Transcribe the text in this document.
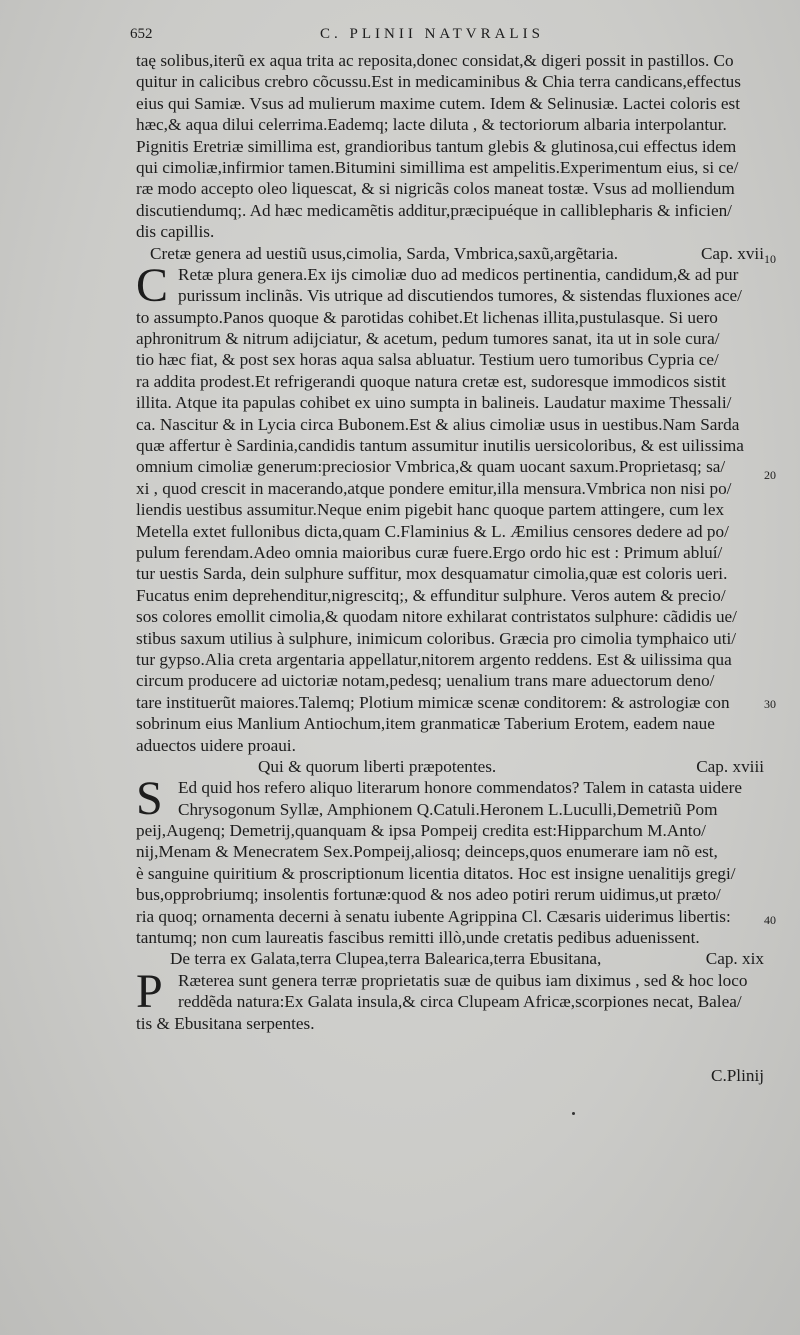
652	C. PLINII NATVRALIS
taę solibus,iterũ ex aqua trita ac reposita,donec considat,& digeri possit in pastillos. Co
quitur in calicibus crebro cõcussu.Est in medicaminibus & Chia terra candicans,effectus
eius qui Samiæ. Vsus ad mulierum maxime cutem. Idem & Selinusiæ. Lactei coloris est
hæc,& aqua dilui celerrima.Eademq; lacte diluta , & tectoriorum albaria interpolantur.
Pignitis Eretriæ simillima est, grandioribus tantum glebis & glutinosa,cui effectus idem
qui cimoliæ,infirmior tamen.Bitumini simillima est ampelitis.Experimentum eius, si ce/
ræ modo accepto oleo liquescat, & si nigricãs colos maneat tostæ. Vsus ad molliendum
discutiendumq;. Ad hæc medicamẽtis additur,præcipuéque in calliblepharis & inficien/
dis capillis.
Cretæ genera ad uestiũ usus,cimolia, Sarda, Vmbrica,saxũ,argẽtaria.	Cap. xvii
C Retæ plura genera.Ex ijs cimoliæ duo ad medicos pertinentia, candidum,& ad pur
purissum inclinãs. Vis utrique ad discutiendos tumores, & sistendas fluxiones ace/
to assumpto.Panos quoque & parotidas cohibet.Et lichenas illita,pustulasque. Si uero
aphronitrum & nitrum adijciatur, & acetum, pedum tumores sanat, ita ut in sole cura/
tio hæc fiat, & post sex horas aqua salsa abluatur. Testium uero tumoribus Cypria ce/
ra addita prodest.Et refrigerandi quoque natura cretæ est, sudoresque immodicos sistit
illita. Atque ita papulas cohibet ex uino sumpta in balineis. Laudatur maxime Thessali/
ca. Nascitur & in Lycia circa Bubonem.Est & alius cimoliæ usus in uestibus.Nam Sarda
quæ affertur è Sardinia,candidis tantum assumitur inutilis uersicoloribus, & est uilissima
omnium cimoliæ generum:preciosior Vmbrica,& quam uocant saxum.Proprietasq; sa/
xi , quod crescit in macerando,atque pondere emitur,illa mensura.Vmbrica non nisi po/
liendis uestibus assumitur.Neque enim pigebit hanc quoque partem attingere, cum lex
Metella extet fullonibus dicta,quam C.Flaminius & L. Æmilius censores dedere ad po/
pulum ferendam.Adeo omnia maioribus curæ fuere.Ergo ordo hic est : Primum abluí/
tur uestis Sarda, dein sulphure suffitur, mox desquamatur cimolia,quæ est coloris ueri.
Fucatus enim deprehenditur,nigrescitq;, & effunditur sulphure. Veros autem & precio/
sos colores emollit cimolia,& quodam nitore exhilarat contristatos sulphure: cãdidis ue/
stibus saxum utilius à sulphure, inimicum coloribus. Græcia pro cimolia tymphaico uti/
tur gypso.Alia creta argentaria appellatur,nitorem argento reddens. Est & uilissima qua
circum producere ad uictoriæ notam,pedesq; uenalium trans mare aduectorum deno/
tare instituerũt maiores.Talemq; Plotium mimicæ scenæ conditorem: & astrologiæ con
sobrinum eius Manlium Antiochum,item granmaticæ Taberium Erotem, eadem naue
aduectos uidere proaui.
Qui & quorum liberti præpotentes.	Cap. xviii
S Ed quid hos refero aliquo literarum honore commendatos? Talem in catasta uidere
Chrysogonum Syllæ, Amphionem Q.Catuli.Heronem L.Luculli,Demetriũ Pom
peij,Augenq; Demetrij,quanquam & ipsa Pompeij credita est:Hipparchum M.Anto/
nij,Menam & Menecratem Sex.Pompeij,aliosq; deinceps,quos enumerare iam nõ est,
è sanguine quiritium & proscriptionum licentia ditatos. Hoc est insigne uenalitijs gregi/
bus,opprobriumq; insolentis fortunæ:quod & nos adeo potiri rerum uidimus,ut præto/
ria quoq; ornamenta decerni à senatu iubente Agrippina Cl. Cæsaris uiderimus libertis:
tantumq; non cum laureatis fascibus remitti illò,unde cretatis pedibus aduenissent.
De terra ex Galata,terra Clupea,terra Balearica,terra Ebusitana,	Cap. xix
P Ræterea sunt genera terræ proprietatis suæ de quibus iam diximus , sed & hoc loco
reddẽda natura:Ex Galata insula,& circa Clupeam Africæ,scorpiones necat, Balea/
tis & Ebusitana serpentes.
10
20
30
40
C.Plinij
